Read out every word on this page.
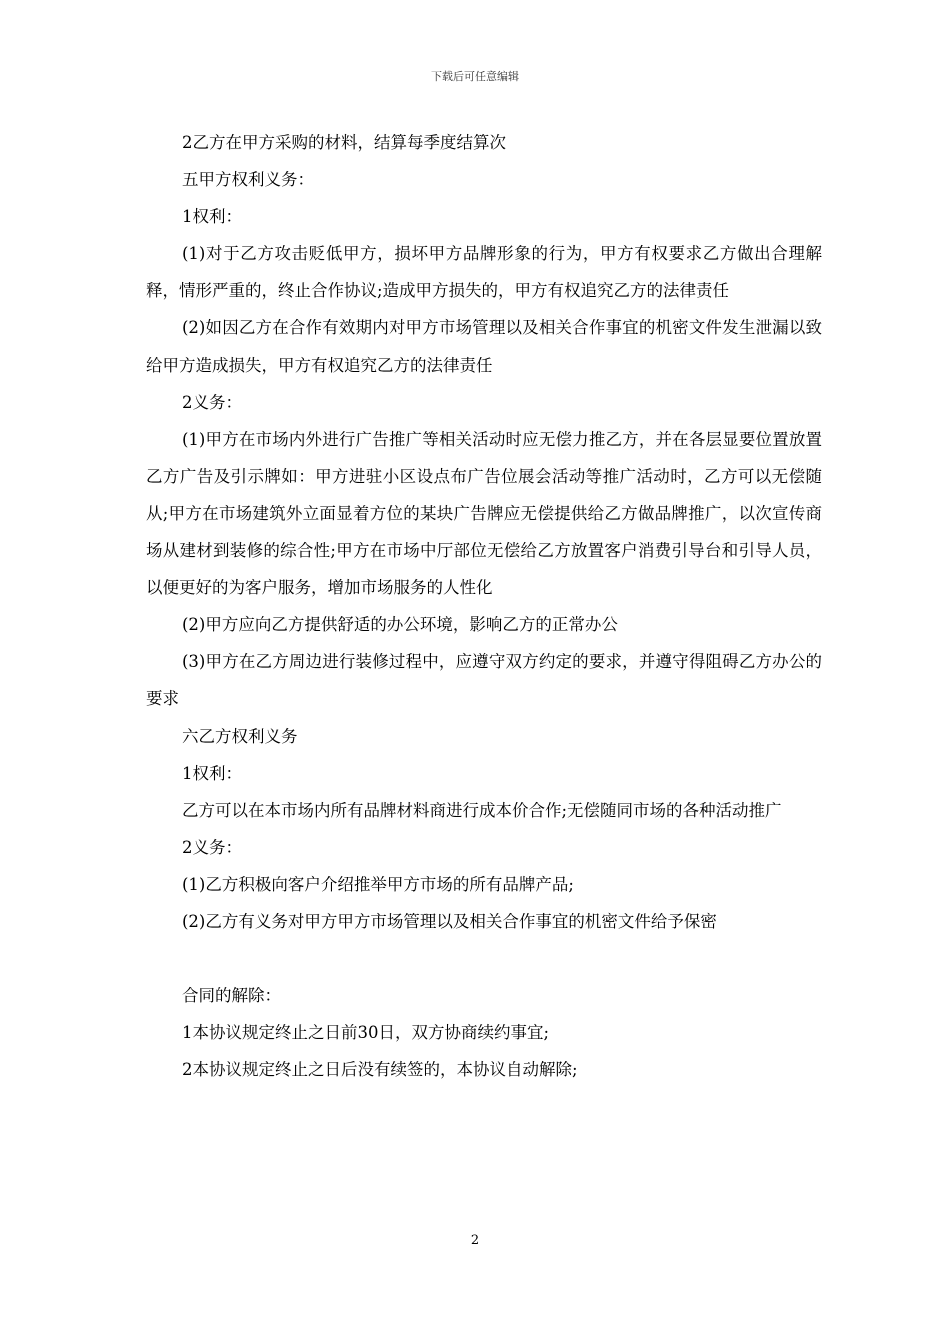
下载后可任意编辑

2乙方在甲方采购的材料，结算每季度结算次

五甲方权利义务：

1权利：

(1)对于乙方攻击贬低甲方，损坏甲方品牌形象的行为，甲方有权要求乙方做出合理解释，情形严重的，终止合作协议;造成甲方损失的，甲方有权追究乙方的法律责任

(2)如因乙方在合作有效期内对甲方市场管理以及相关合作事宜的机密文件发生泄漏以致给甲方造成损失，甲方有权追究乙方的法律责任

2义务：

(1)甲方在市场内外进行广告推广等相关活动时应无偿力推乙方，并在各层显要位置放置乙方广告及引示牌如：甲方进驻小区设点布广告位展会活动等推广活动时，乙方可以无偿随从;甲方在市场建筑外立面显着方位的某块广告牌应无偿提供给乙方做品牌推广，以次宣传商场从建材到装修的综合性;甲方在市场中厅部位无偿给乙方放置客户消费引导台和引导人员，以便更好的为客户服务，增加市场服务的人性化

(2)甲方应向乙方提供舒适的办公环境，影响乙方的正常办公

(3)甲方在乙方周边进行装修过程中，应遵守双方约定的要求，并遵守得阻碍乙方办公的要求

六乙方权利义务

1权利：

乙方可以在本市场内所有品牌材料商进行成本价合作;无偿随同市场的各种活动推广

2义务：

(1)乙方积极向客户介绍推举甲方市场的所有品牌产品;

(2)乙方有义务对甲方甲方市场管理以及相关合作事宜的机密文件给予保密

合同的解除：

1本协议规定终止之日前30日，双方协商续约事宜;

2本协议规定终止之日后没有续签的，本协议自动解除;

2
